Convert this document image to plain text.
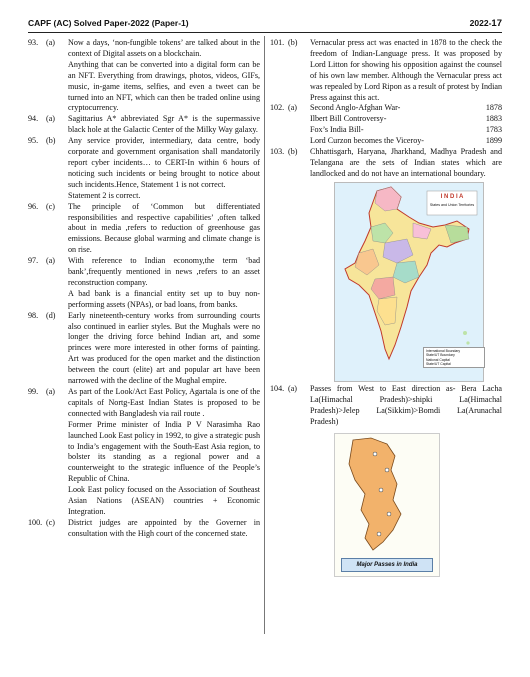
CAPF (AC) Solved Paper-2022 (Paper-1)	2022-17
93. (a) Now a days, ‘non-fungible tokens’ are talked about in the context of Digital assets on a blockchain.

Anything that can be converted into a digital form can be an NFT. Everything from drawings, photos, videos, GIFs, music, in-game items, selfies, and even a tweet can be turned into an NFT, which can then be traded online using cryptocurrency.

94. (a) Sagittarius A* abbreviated Sgr A* is the supermassive black hole at the Galactic Center of the Milky Way galaxy.

95. (b) Any service provider, intermediary, data centre, body corporate and government organisation shall mandatorily report cyber incidents… to CERT-In within 6 hours of noticing such incidents or being brought to notice about such incidents.Hence, Statement 1 is not correct.

Statement 2 is correct.

96. (c) The principle of ‘Common but differentiated responsibilities and respective capabilities’ ,often talked about in media ,refers to reduction of greenhouse gas emissions. Because global warming and climate change is on rise.

97. (a) With reference to Indian economy,the term ‘bad bank’,frequently mentioned in news ,refers to an asset reconstruction company.

A bad bank is a financial entity set up to buy non-performing assets (NPAs), or bad loans, from banks.

98. (d) Early nineteenth-century works from surrounding courts also continued in earlier styles. But the Mughals were no longer the driving force behind Indian art, and some princes were more interested in other forms of painting. Art was produced for the open market and the distinction between the court (elite) art and popular art have been narrowed with the decline of the Mughal empire.

99. (a) As part of the Look/Act East Policy, Agartala is one of the capitals of Nortg-East Indian States is proposed to be connected with Bangladesh via rail route .

Former Prime minister of India P V Narasimha Rao launched Look East policy in 1992, to give a strategic push to India’s engagement with the South-East Asia region, to bolster its standing as a regional power and a counterweight to the strategic influence of the People’s Republic of China.

Look East policy focused on the Association of Southeast Asian Nations (ASEAN) countries + Economic Integration.

100. (c) District judges are appointed by the Governer in consultation with the High court of the concerned state.

101. (b) Vernacular press act was enacted in 1878 to the check the freedom of Indian-Language press. It was proposed by Lord Litton for showing his opposition against the counsel of his own law member. Although the Vernacular press act was repealed by Lord Ripon as a result of protest by Indian Press against this act.

102. (a) Second Anglo-Afghan War-	1878
Ilbert Bill Controversy-	1883
Fox’s India Bill-	1783
Lord Curzon becomes the Viceroy-	1899
103. (b) Chhattisgarh, Haryana, Jharkhand, Madhya Pradesh and Telangana are the sets of Indian states which are landlocked and do not have an international boundary.

I N D I A
States and Union Territories
International Boundary
State/UT Boundary
National Capital
State/UT Capital
104. (a) Passes from West to East direction as- Bera Lacha La(Himachal Pradesh)>shipki La(Himachal Pradesh)>Jelep La(Sikkim)>Bomdi La(Arunachal Pradesh)

Major Passes in India
